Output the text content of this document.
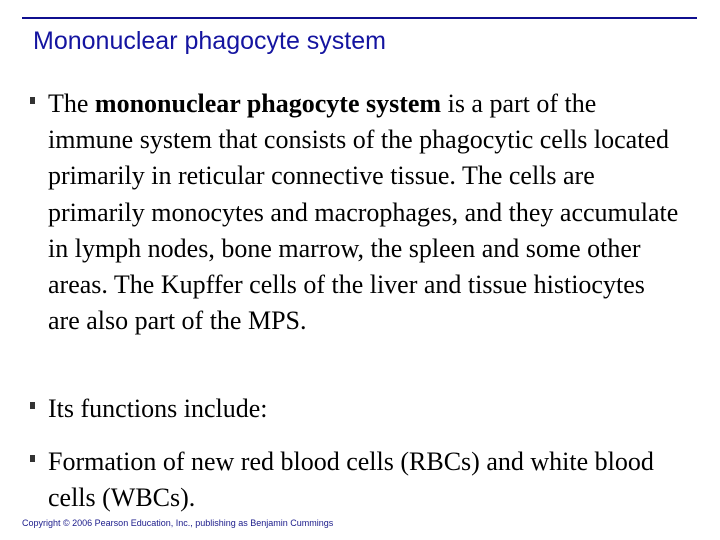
Mononuclear phagocyte system
The mononuclear phagocyte system is a part of the immune system that consists of the phagocytic cells located primarily in reticular connective tissue. The cells are primarily monocytes and macrophages, and they accumulate in lymph nodes, bone marrow, the spleen and some other areas. The Kupffer cells of the liver and tissue histiocytes are also part of the MPS.
Its functions include:
Formation of new red blood cells (RBCs) and white blood cells (WBCs).
Copyright © 2006 Pearson Education, Inc., publishing as Benjamin Cummings
